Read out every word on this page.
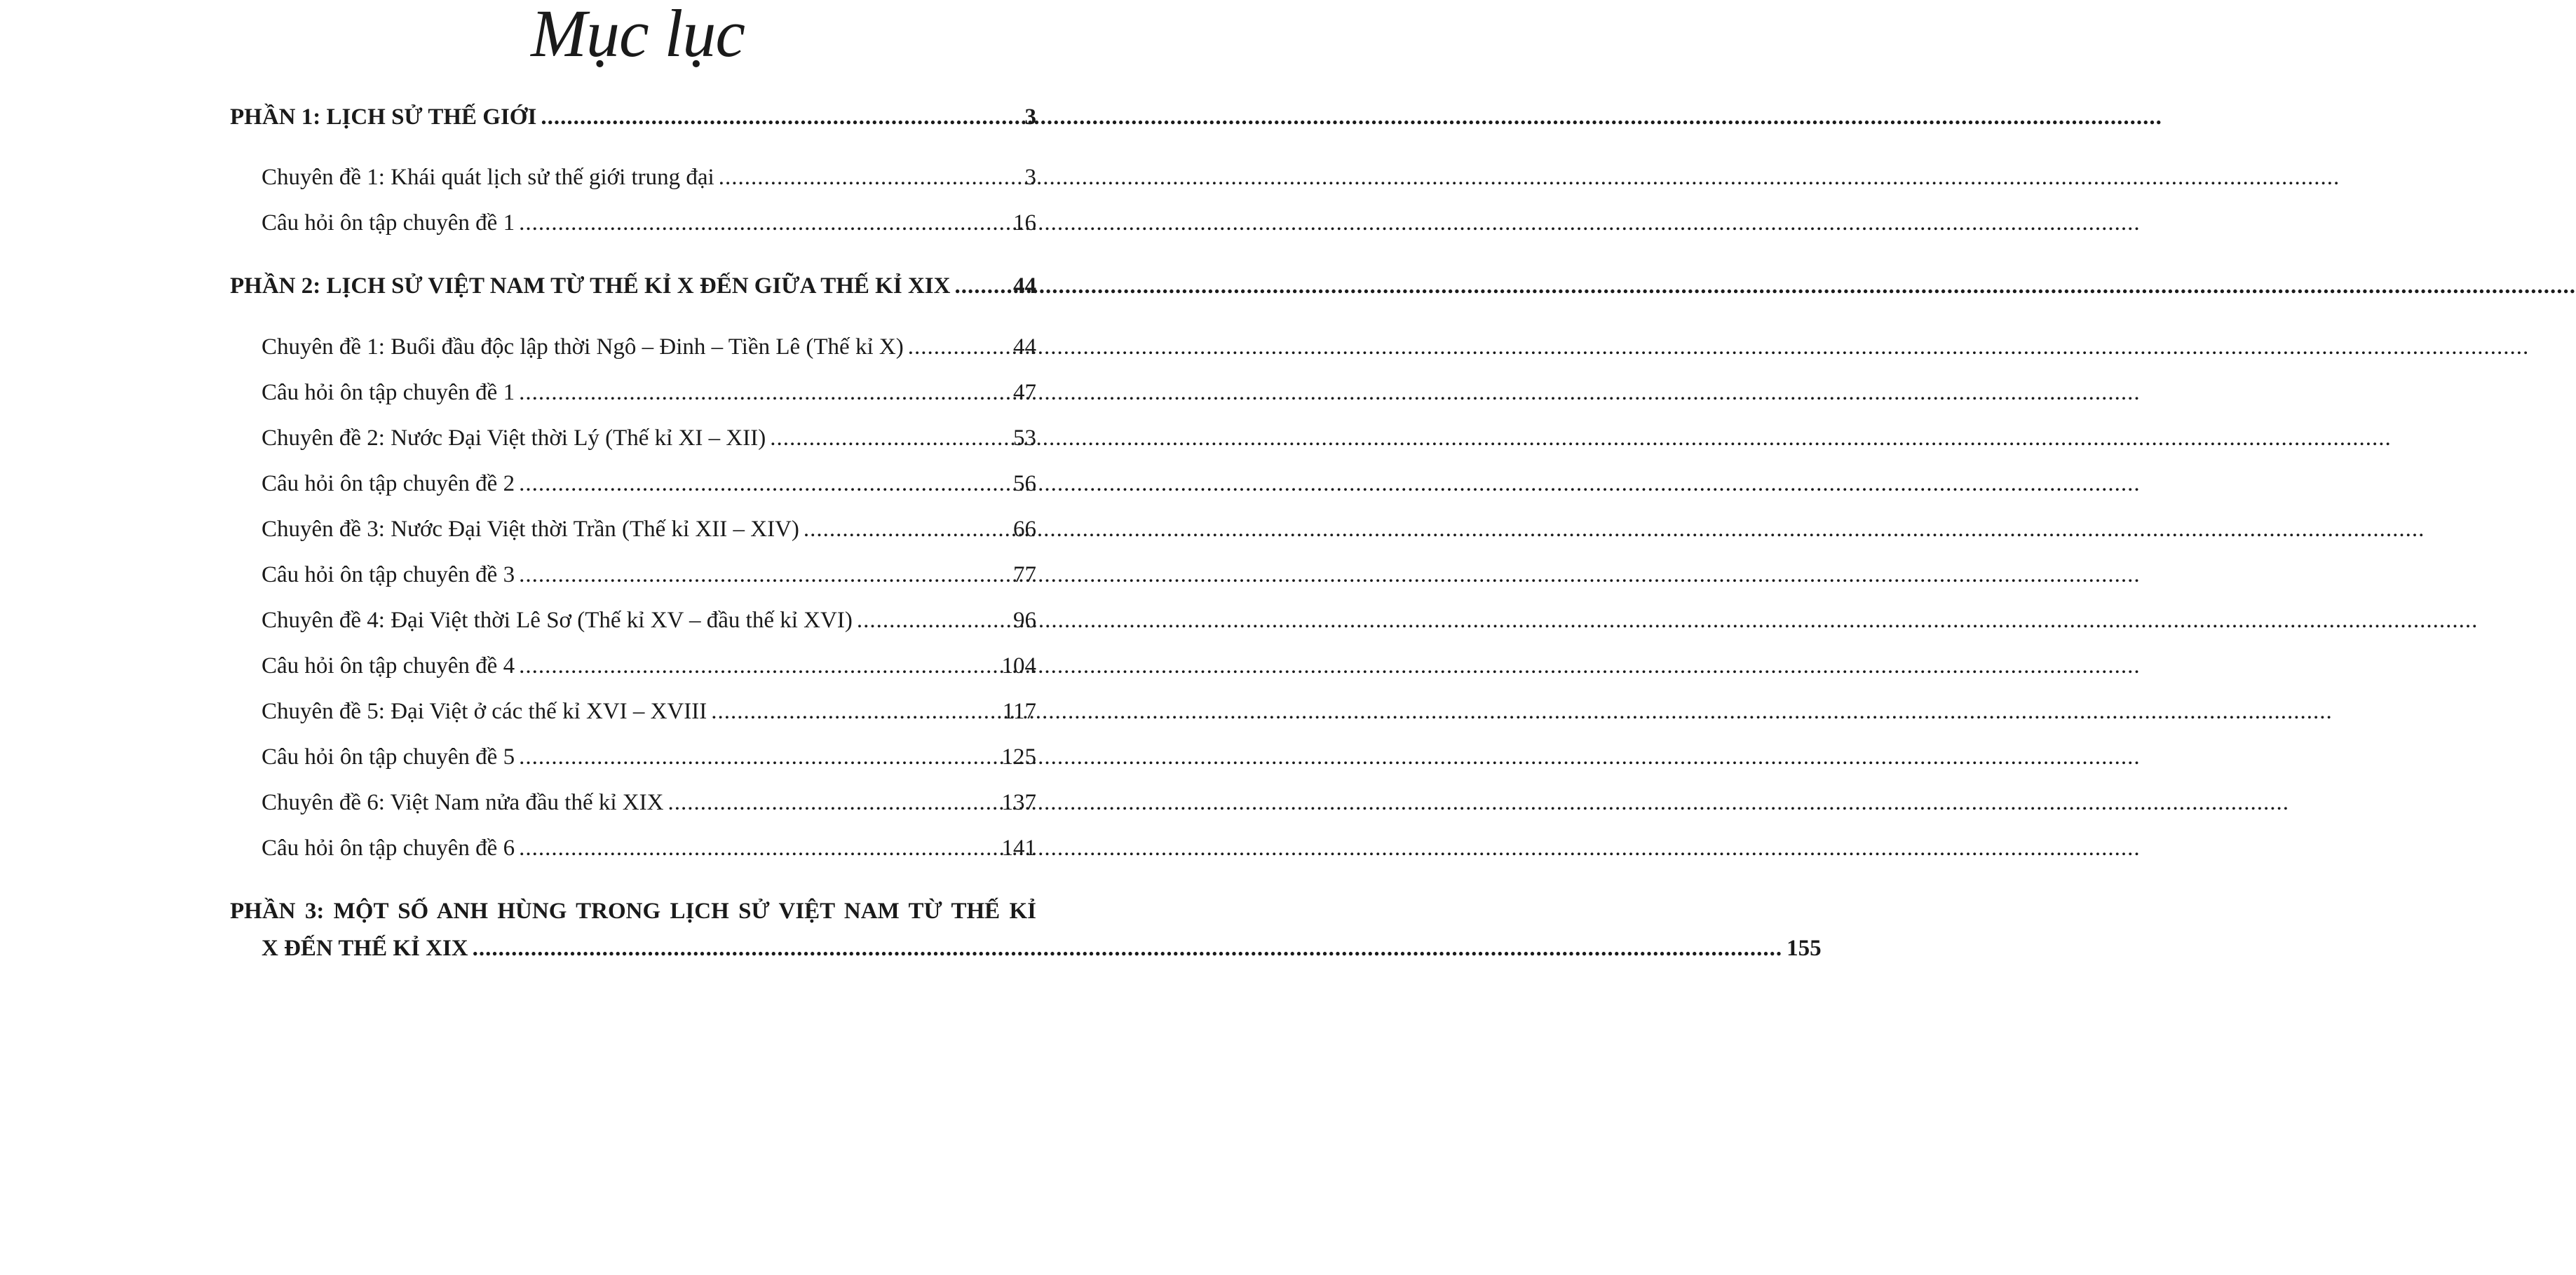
Mục lục
PHẦN 1: LỊCH SỬ THẾ GIỚI .....	3
Chuyên đề 1: Khái quát lịch sử thế giới trung đại .....	3
Câu hỏi ôn tập chuyên đề 1 .....	16
PHẦN 2: LỊCH SỬ VIỆT NAM TỪ THẾ KỈ X ĐẾN GIỮA THẾ KỈ XIX .....	44
Chuyên đề 1: Buổi đầu độc lập thời Ngô – Đinh – Tiền Lê (Thế kỉ X) .....	44
Câu hỏi ôn tập chuyên đề 1 .....	47
Chuyên đề 2: Nước Đại Việt thời Lý (Thế kỉ XI – XII) .....	53
Câu hỏi ôn tập chuyên đề 2 .....	56
Chuyên đề 3: Nước Đại Việt thời Trần (Thế kỉ XII – XIV) .....	66
Câu hỏi ôn tập chuyên đề 3 .....	77
Chuyên đề 4: Đại Việt thời Lê Sơ (Thế kỉ XV – đầu thế kỉ XVI) .....	96
Câu hỏi ôn tập chuyên đề 4 .....	104
Chuyên đề 5: Đại Việt ở các thế kỉ XVI – XVIII .....	117
Câu hỏi ôn tập chuyên đề 5 .....	125
Chuyên đề 6: Việt Nam nửa đầu thế kỉ XIX .....	137
Câu hỏi ôn tập chuyên đề 6 .....	141
PHẦN 3: MỘT SỐ ANH HÙNG TRONG LỊCH SỬ VIỆT NAM TỪ THẾ KỈ
X ĐẾN THẾ KỈ XIX .......................................................................................................................................................................................................... 155
